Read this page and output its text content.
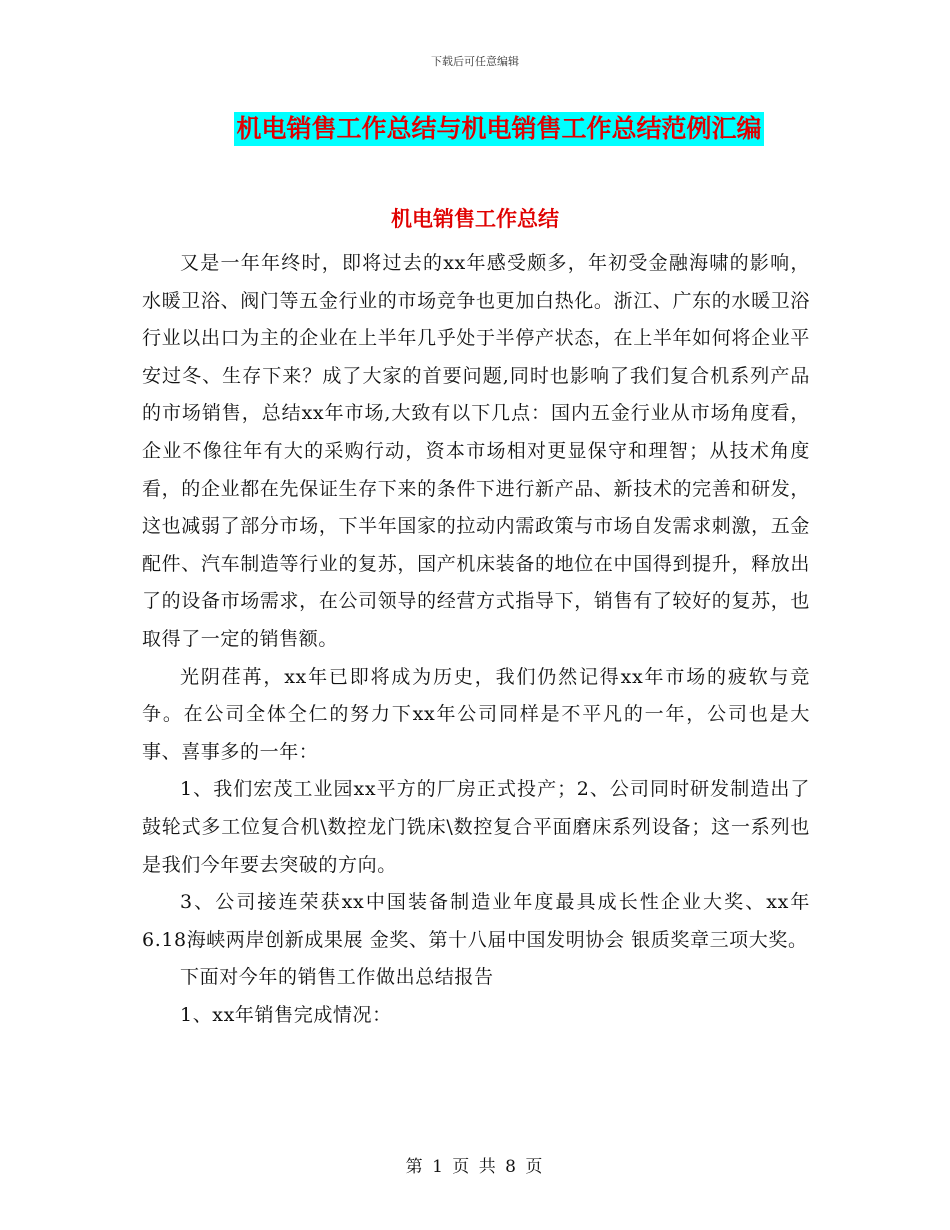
下载后可任意编辑
机电销售工作总结与机电销售工作总结范例汇编
机电销售工作总结

又是一年年终时，即将过去的xx年感受颇多，年初受金融海啸的影响，水暖卫浴、阀门等五金行业的市场竞争也更加白热化。浙江、广东的水暖卫浴行业以出口为主的企业在上半年几乎处于半停产状态，在上半年如何将企业平安过冬、生存下来？成了大家的首要问题,同时也影响了我们复合机系列产品的市场销售，总结xx年市场,大致有以下几点：国内五金行业从市场角度看，企业不像往年有大的采购行动，资本市场相对更显保守和理智；从技术角度看，的企业都在先保证生存下来的条件下进行新产品、新技术的完善和研发，这也减弱了部分市场，下半年国家的拉动内需政策与市场自发需求刺激，五金配件、汽车制造等行业的复苏，国产机床装备的地位在中国得到提升，释放出了的设备市场需求，在公司领导的经营方式指导下，销售有了较好的复苏，也取得了一定的销售额。

光阴荏苒，xx年已即将成为历史，我们仍然记得xx年市场的疲软与竞争。在公司全体仝仁的努力下xx年公司同样是不平凡的一年，公司也是大事、喜事多的一年：

1、我们宏茂工业园xx平方的厂房正式投产；2、公司同时研发制造出了鼓轮式多工位复合机\数控龙门铣床\数控复合平面磨床系列设备；这一系列也是我们今年要去突破的方向。

3、公司接连荣获xx中国装备制造业年度最具成长性企业大奖、xx年6.18海峡两岸创新成果展 金奖、第十八届中国发明协会 银质奖章三项大奖。

下面对今年的销售工作做出总结报告

1、xx年销售完成情况：

第 1 页 共 8 页
